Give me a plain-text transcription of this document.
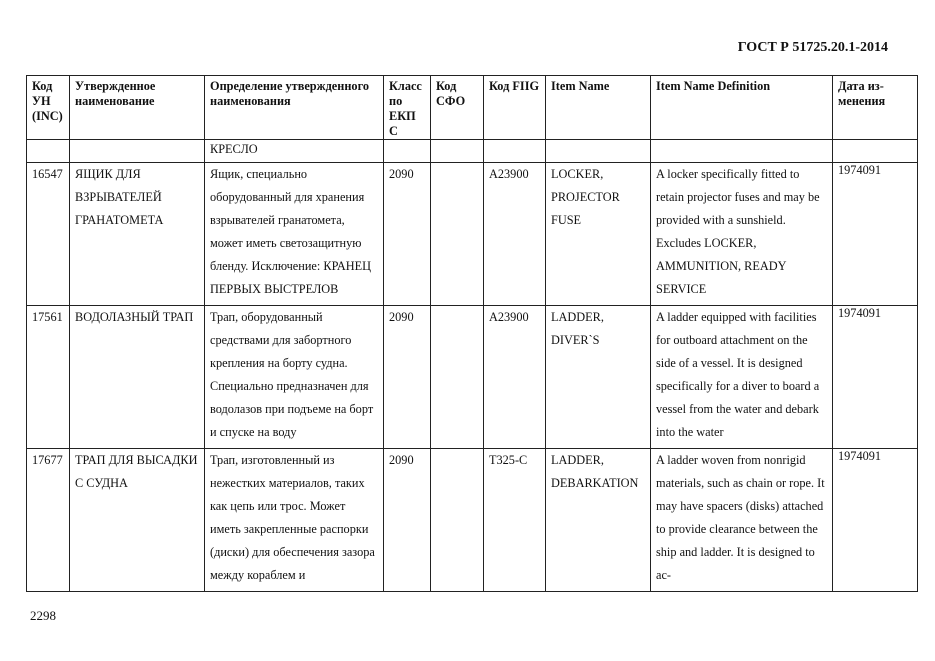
ГОСТ Р 51725.20.1-2014
Код УН (INC)	Утвержденное наименование	Определение утвержденного наименования	Класс по ЕКП С	Код СФО	Код FIIG	Item Name	Item Name Definition	Дата из-менения
		КРЕСЛО						
16547	ЯЩИК ДЛЯ ВЗРЫВАТЕЛЕЙ ГРАНАТОМЕТА	Ящик, специально оборудованный для хранения взрывателей гранатомета, может иметь светозащитную бленду. Исключение: КРАНЕЦ ПЕРВЫХ ВЫСТРЕЛОВ	2090		A23900	LOCKER, PROJECTOR FUSE	A locker specifically fitted to retain projector fuses and may be provided with a sunshield. Excludes LOCKER, AMMUNITION, READY SERVICE	1974091

17561	ВОДОЛАЗНЫЙ ТРАП	Трап, оборудованный средствами для забортного крепления на борту судна. Специально предназначен для водолазов при подъеме на борт и спуске на воду	2090		A23900	LADDER, DIVER`S	A ladder equipped with facilities for outboard attachment on the side of a vessel. It is designed specifically for a diver to board a vessel from the water and debark into the water	1974091

17677	ТРАП ДЛЯ ВЫСАДКИ С СУДНА	Трап, изготовленный из нежестких материалов, таких как цепь или трос. Может иметь закрепленные распорки (диски) для обеспечения зазора между кораблем и	2090		T325-C	LADDER, DEBARKATION	A ladder woven from nonrigid materials, such as chain or rope. It may have spacers (disks) attached to provide clearance between the ship and ladder. It is designed to ac-	1974091
2298
